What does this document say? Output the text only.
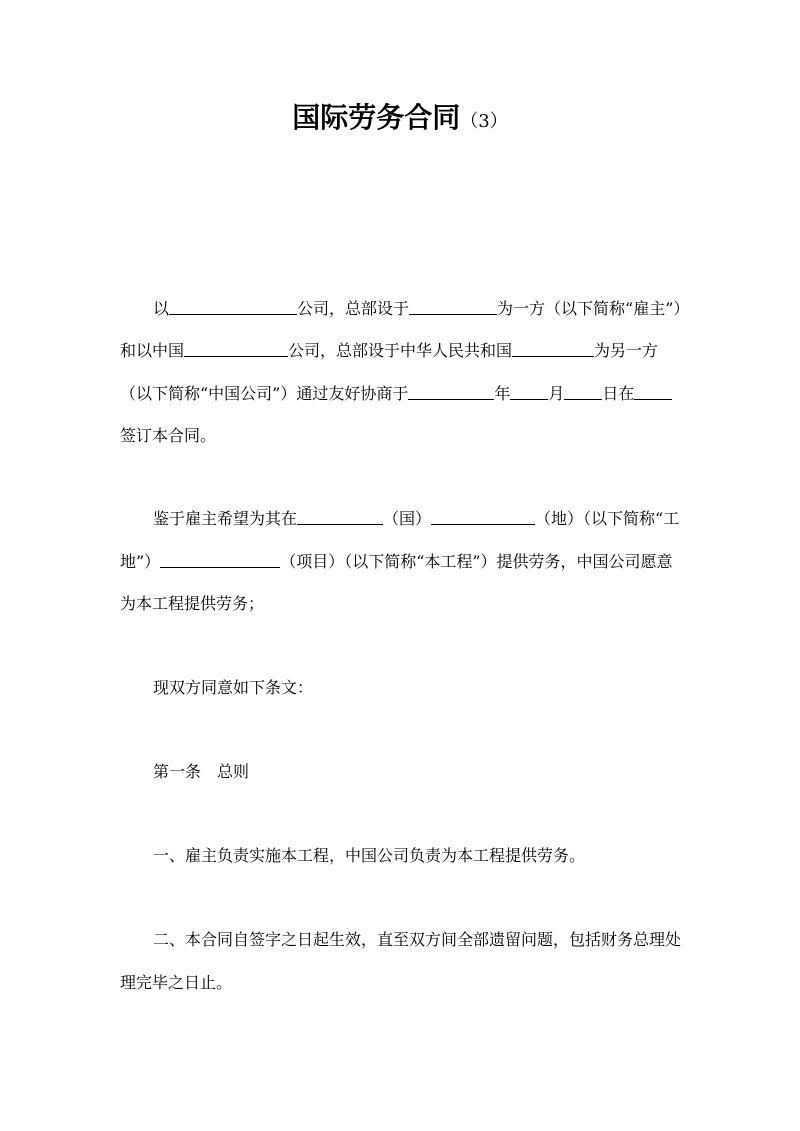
国际劳务合同（3）
以	公司，总部设于	为一方（以下简称“雇主”）
和以中国	公司，总部设于中华人民共和国	为另一方
（以下简称“中国公司”）通过友好协商于	年 月 日在
签订本合同。
鉴于雇主希望为其在	（国）	（地）（以下简称“工
地”）	（项目）（以下简称“本工程”）提供劳务，中国公司愿意
为本工程提供劳务；
现双方同意如下条文：
第一条　总则
一、雇主负责实施本工程，中国公司负责为本工程提供劳务。
二、本合同自签字之日起生效，直至双方间全部遗留问题，包括财务总理处
理完毕之日止。
